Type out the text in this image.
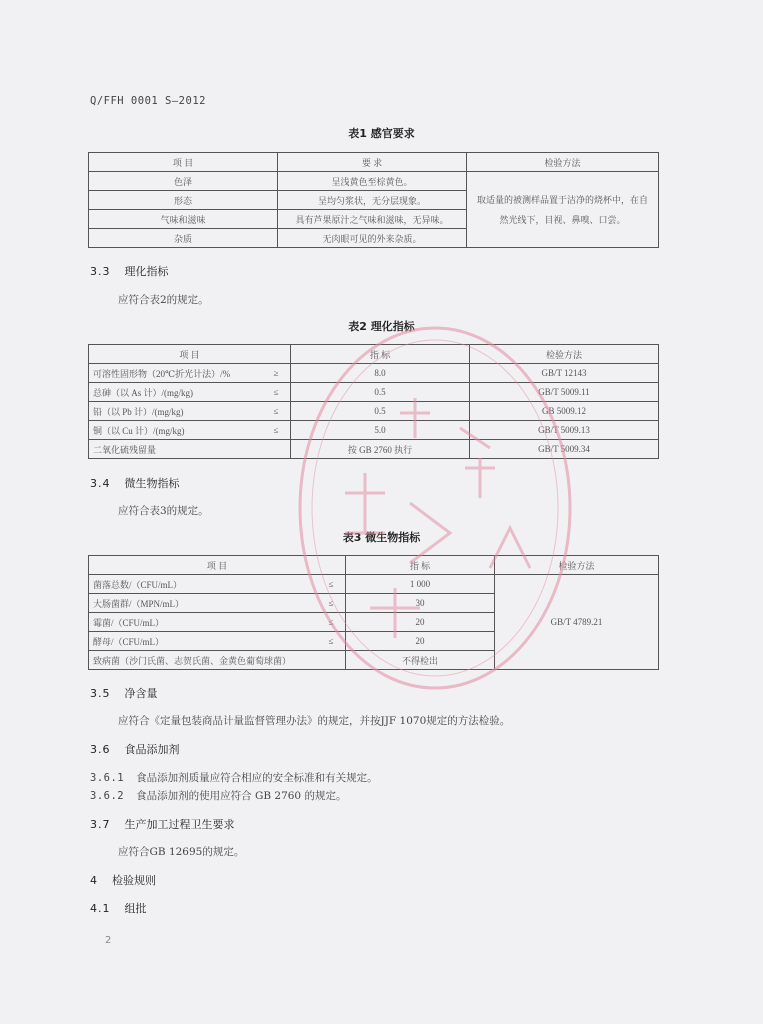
Q/FFH 0001 S—2012
表1 感官要求
项 目	要 求	检验方法
色泽	呈浅黄色至棕黄色。	取适量的被测样品置于洁净的烧杯中，在自然光线下，目视、鼻嗅、口尝。
形态	呈均匀浆状，无分层现象。	
气味和滋味	具有芦果原汁之气味和滋味，无异味。	
杂质	无肉眼可见的外来杂质。	
3.3 理化指标
应符合表2的规定。
表2 理化指标
项 目		指 标	检验方法
可溶性固形物（20℃折光计法）/%	≥	8.0	GB/T 12143
总砷（以 As 计）/(mg/kg)	≤	0.5	GB/T 5009.11
铅（以 Pb 计）/(mg/kg)	≤	0.5	GB 5009.12
铜（以 Cu 计）/(mg/kg)	≤	5.0	GB/T 5009.13
二氧化硫残留量		按 GB 2760 执行	GB/T 5009.34
3.4 微生物指标
应符合表3的规定。
表3 微生物指标
项 目		指 标	检验方法
菌落总数/（CFU/mL）	≤	1 000	GB/T 4789.21
大肠菌群/（MPN/mL）	≤	30	
霉菌/（CFU/mL）	≤	20	
酵母/（CFU/mL）	≤	20	
致病菌（沙门氏菌、志贺氏菌、金黄色葡萄球菌）		不得检出	
3.5 净含量
应符合《定量包装商品计量监督管理办法》的规定，并按JJF 1070规定的方法检验。
3.6 食品添加剂
3.6.1 食品添加剂质量应符合相应的安全标准和有关规定。
3.6.2 食品添加剂的使用应符合 GB 2760 的规定。
3.7 生产加工过程卫生要求
应符合GB 12695的规定。
4 检验规则
4.1 组批
2
